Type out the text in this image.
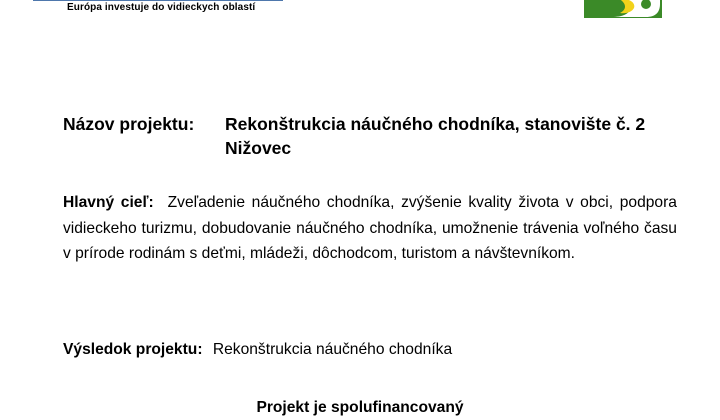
Európa investuje do vidieckych oblastí
Názov projektu: Rekonštrukcia náučného chodníka, stanovište č. 2
Nižovec
Hlavný cieľ: Zveľadenie náučného chodníka, zvýšenie kvality života v obci, podpora vidieckeho turizmu, dobudovanie náučného chodníka, umožnenie trávenia voľného času v prírode rodinám s deťmi, mládeži, dôchodcom, turistom a návštevníkom.
Výsledok projektu: Rekonštrukcia náučného chodníka
Projekt je spolufinancovaný
